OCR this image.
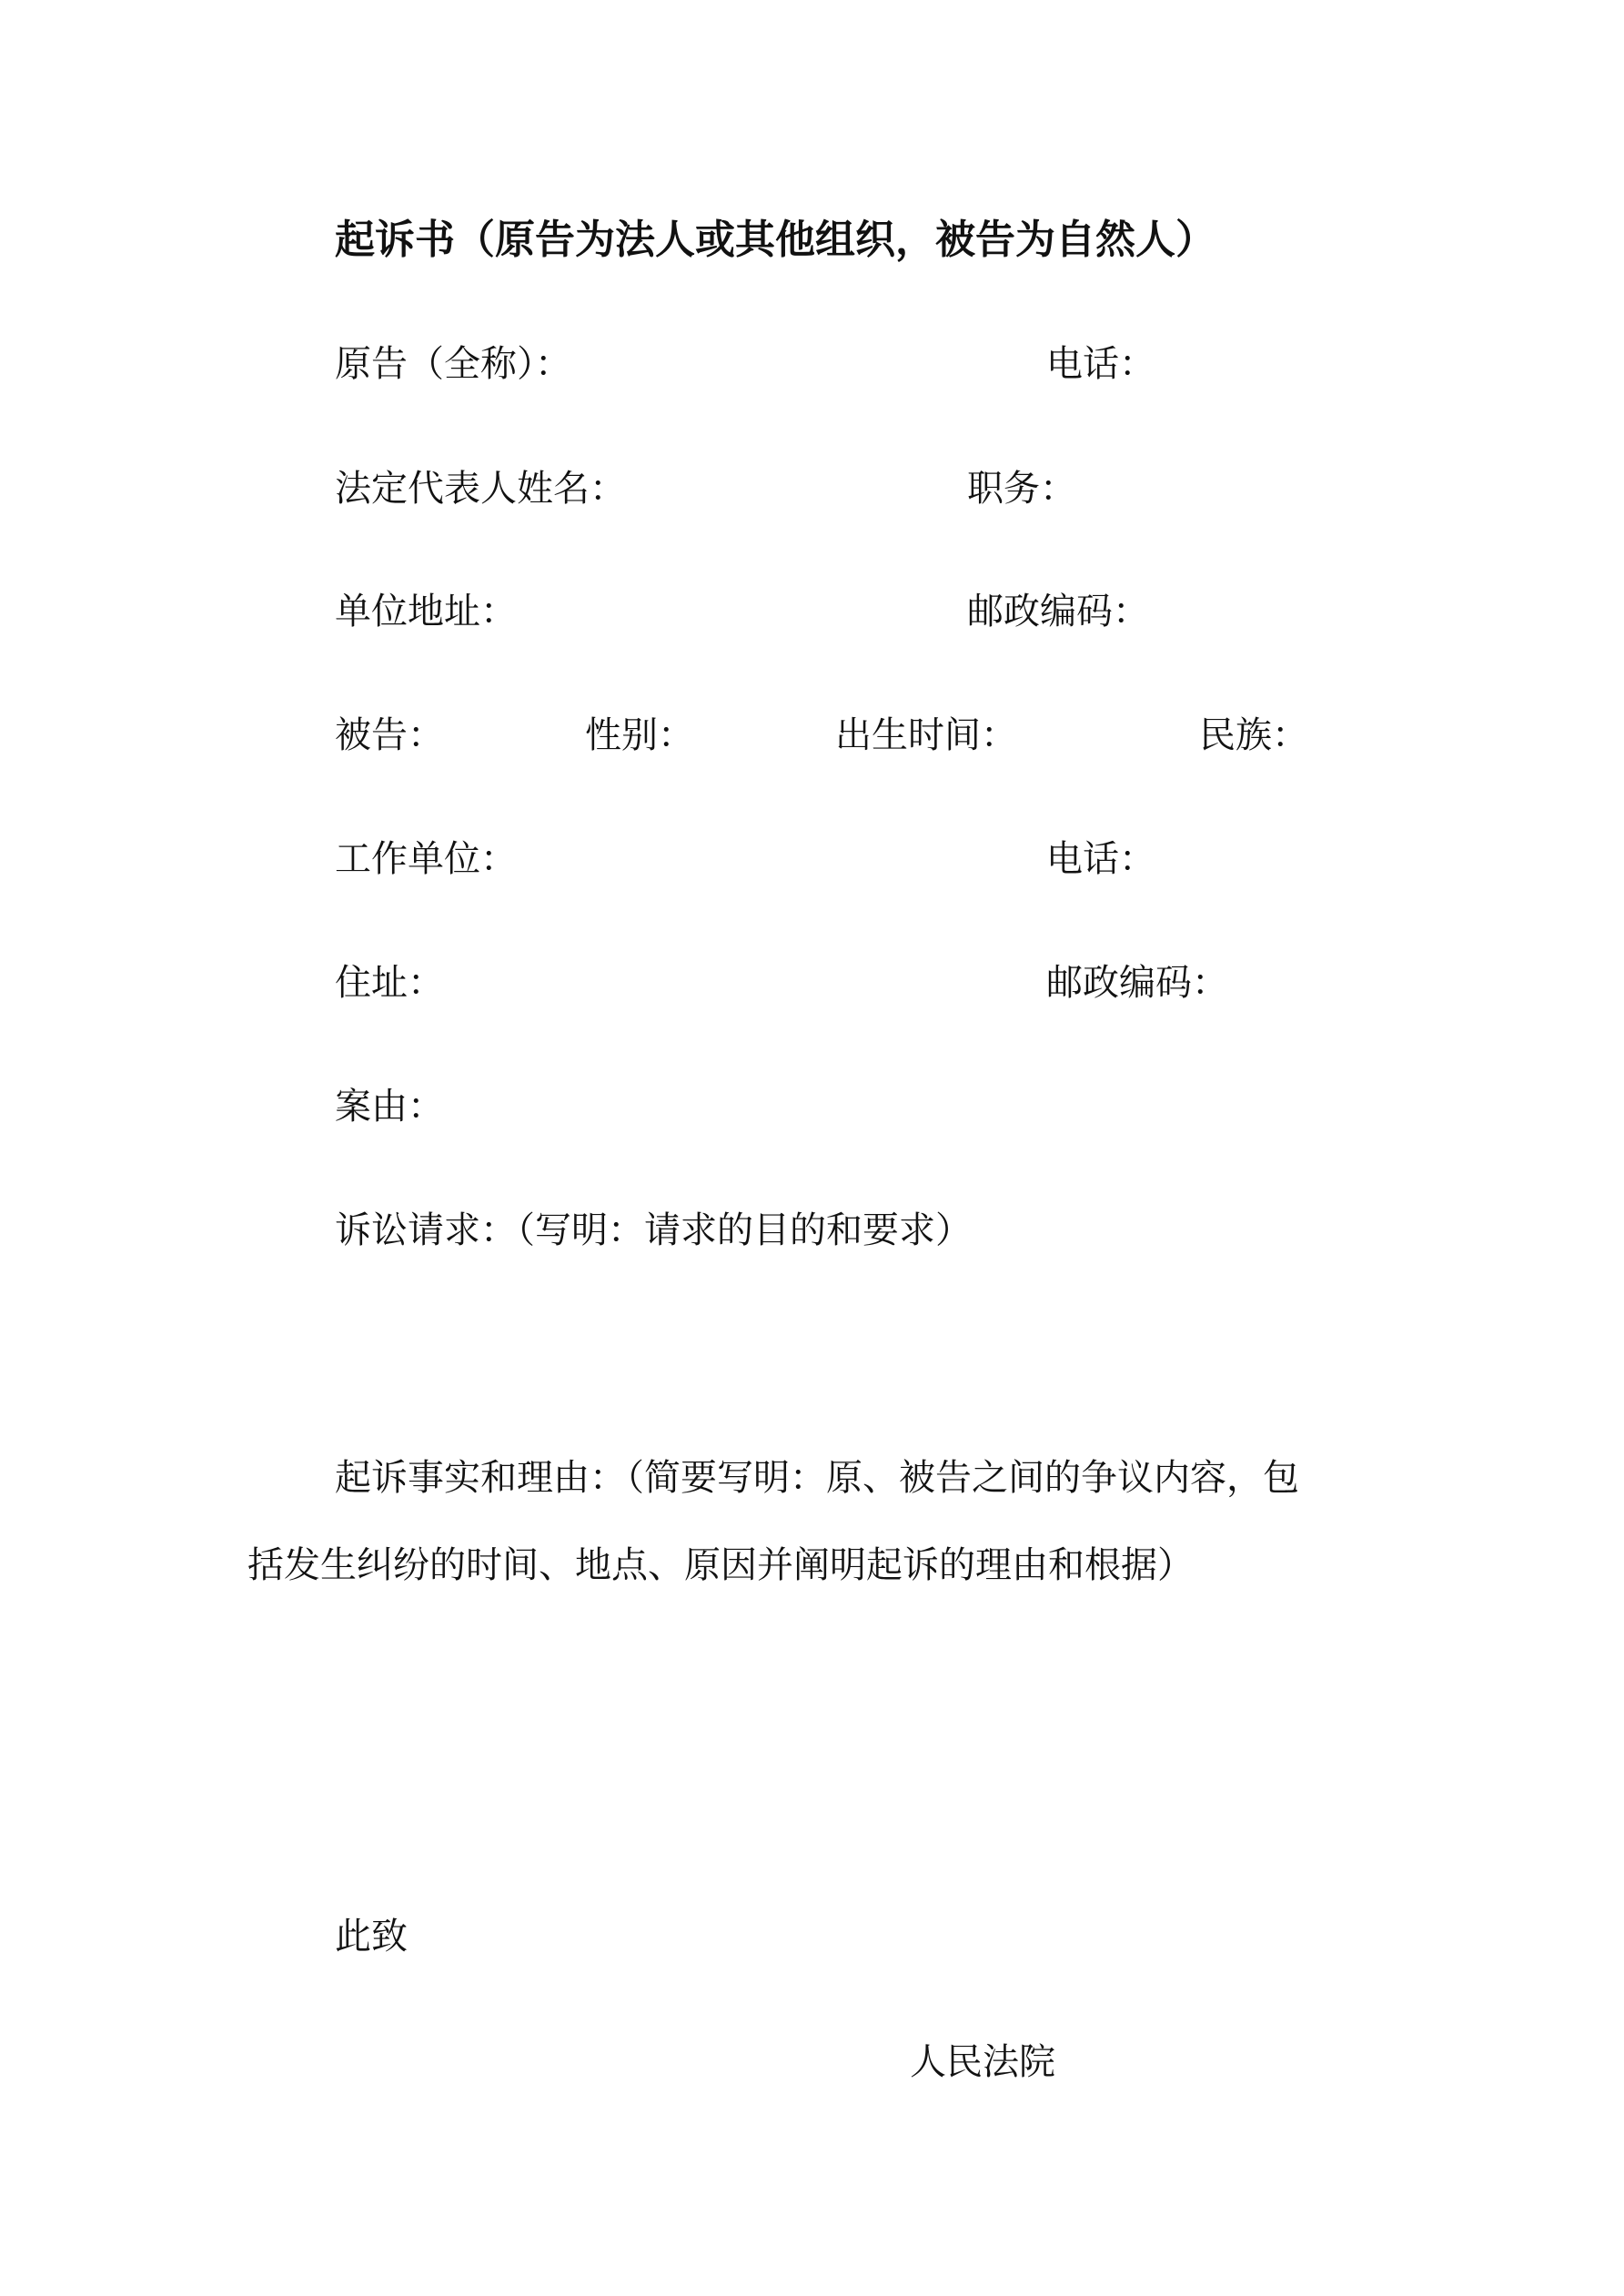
起诉书（原告为法人或其他组织，被告为自然人）
原告（全称）：	电话：
法定代表人姓名：	职务：
单位地址：	邮政编码：
被告：	性别：	出生时间：	民族：
工作单位：	电话：
住址：	邮政编码：
案由：
诉讼请求：（写明：请求的目的和要求）
起诉事实和理由：（简要写明：原、被告之间的争议内容，包
括发生纠纷的时间、地点、原因并阐明起诉的理由和根据）
此致
人民法院
